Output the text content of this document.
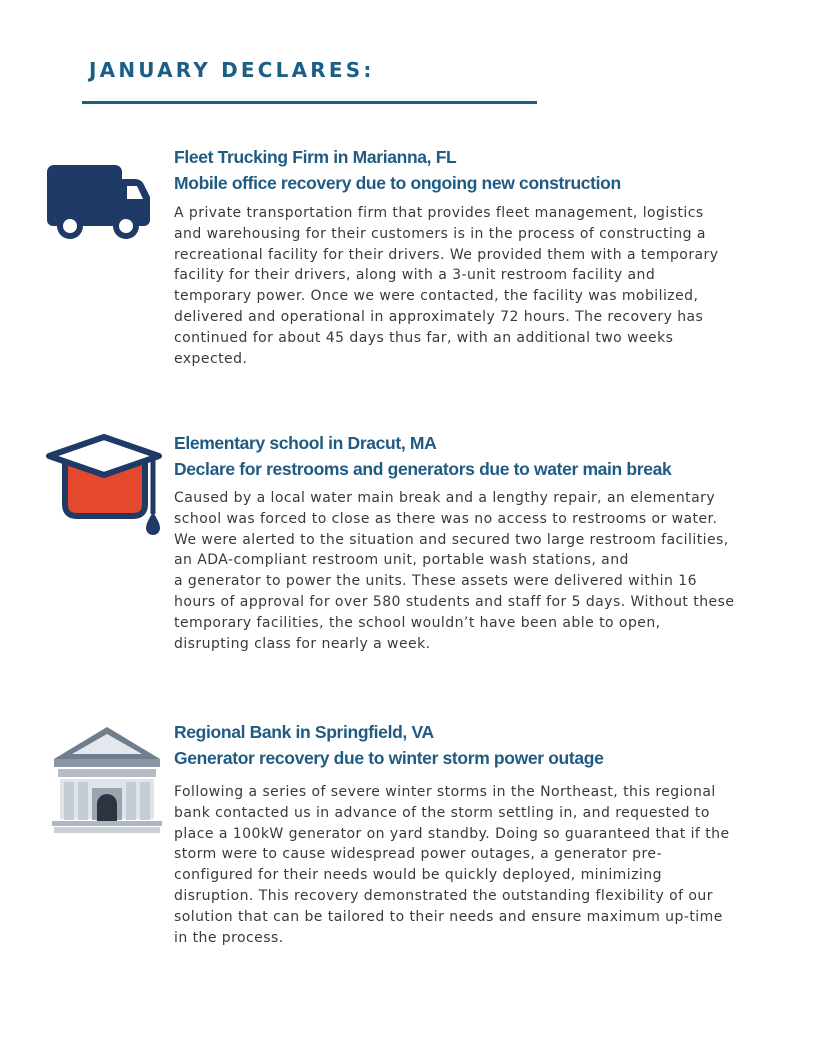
JANUARY DECLARES:

Fleet Trucking Firm in Marianna, FL
Mobile office recovery due to ongoing new construction

A private transportation firm that provides fleet management, logistics
and warehousing for their customers is in the process of constructing a
recreational facility for their drivers. We provided them with a temporary
facility for their drivers, along with a 3-unit restroom facility and
temporary power. Once we were contacted, the facility was mobilized,
delivered and operational in approximately 72 hours. The recovery has
continued for about 45 days thus far, with an additional two weeks
expected.

Elementary school in Dracut, MA
Declare for restrooms and generators due to water main break

Caused by a local water main break and a lengthy repair, an elementary
school was forced to close as there was no access to restrooms or water.
We were alerted to the situation and secured two large restroom facilities,
an ADA-compliant restroom unit, portable wash stations, and
a generator to power the units. These assets were delivered within 16
hours of approval for over 580 students and staff for 5 days. Without these
temporary facilities, the school wouldn’t have been able to open,
disrupting class for nearly a week.

Regional Bank in Springfield, VA
Generator recovery due to winter storm power outage

Following a series of severe winter storms in the Northeast, this regional
bank contacted us in advance of the storm settling in, and requested to
place a 100kW generator on yard standby. Doing so guaranteed that if the
storm were to cause widespread power outages, a generator pre-
configured for their needs would be quickly deployed, minimizing
disruption. This recovery demonstrated the outstanding flexibility of our
solution that can be tailored to their needs and ensure maximum up-time
in the process.
